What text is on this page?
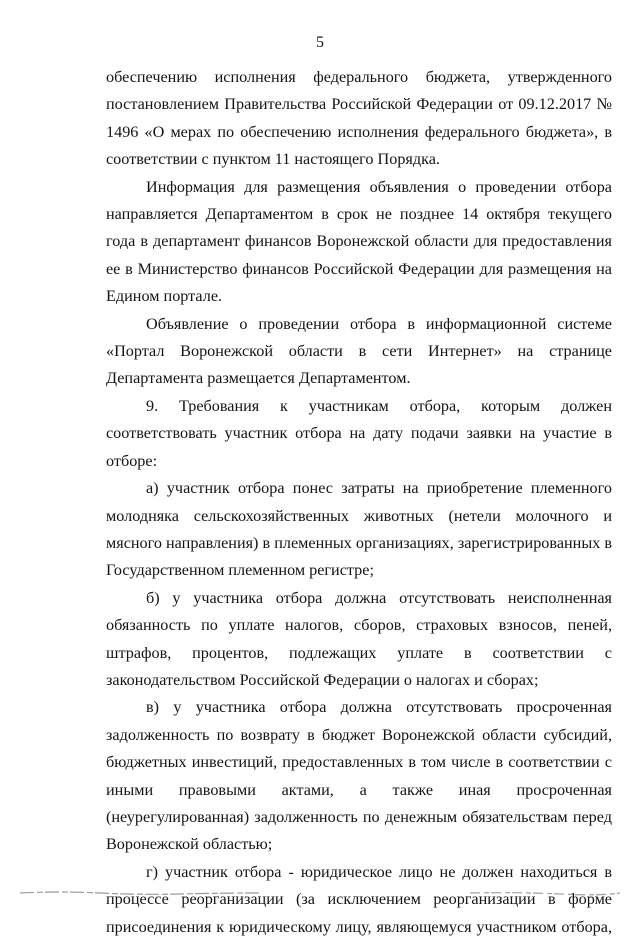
5

обеспечению исполнения федерального бюджета, утвержденного постановлением Правительства Российской Федерации от 09.12.2017 № 1496 «О мерах по обеспечению исполнения федерального бюджета», в соответствии с пунктом 11 настоящего Порядка.

Информация для размещения объявления о проведении отбора направляется Департаментом в срок не позднее 14 октября текущего года в департамент финансов Воронежской области для предоставления ее в Министерство финансов Российской Федерации для размещения на Едином портале.

Объявление о проведении отбора в информационной системе «Портал Воронежской области в сети Интернет» на странице Департамента размещается Департаментом.

9. Требования к участникам отбора, которым должен соответствовать участник отбора на дату подачи заявки на участие в отборе:

а) участник отбора понес затраты на приобретение племенного молодняка сельскохозяйственных животных (нетели молочного и мясного направления) в племенных организациях, зарегистрированных в Государственном племенном регистре;

б) у участника отбора должна отсутствовать неисполненная обязанность по уплате налогов, сборов, страховых взносов, пеней, штрафов, процентов, подлежащих уплате в соответствии с законодательством Российской Федерации о налогах и сборах;

в) у участника отбора должна отсутствовать просроченная задолженность по возврату в бюджет Воронежской области субсидий, бюджетных инвестиций, предоставленных в том числе в соответствии с иными правовыми актами, а также иная просроченная (неурегулированная) задолженность по денежным обязательствам перед Воронежской областью;

г) участник отбора - юридическое лицо не должен находиться в процессе реорганизации (за исключением реорганизации в форме присоединения к юридическому лицу, являющемуся участником отбора,
